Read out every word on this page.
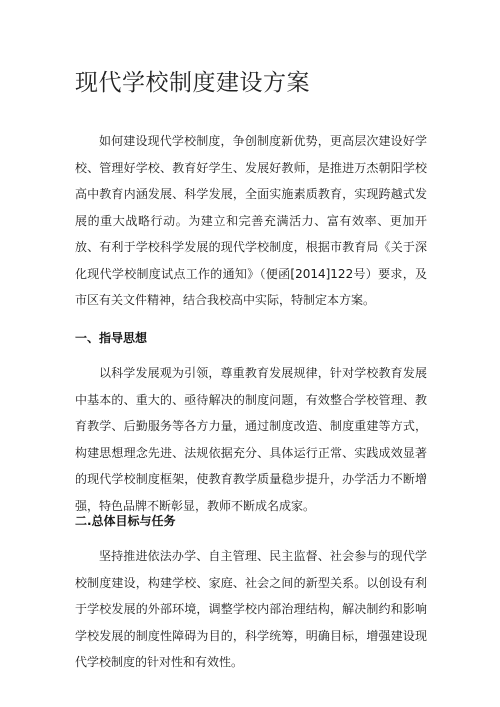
现代学校制度建设方案

如何建设现代学校制度，争创制度新优势，更高层次建设好学校、管理好学校、教育好学生、发展好教师，是推进万杰朝阳学校高中教育内涵发展、科学发展，全面实施素质教育，实现跨越式发展的重大战略行动。为建立和完善充满活力、富有效率、更加开放、有利于学校科学发展的现代学校制度，根据市教育局《关于深化现代学校制度试点工作的通知》（便函[2014]122号）要求，及市区有关文件精神，结合我校高中实际，特制定本方案。

一、指导思想

以科学发展观为引领，尊重教育发展规律，针对学校教育发展中基本的、重大的、亟待解决的制度问题，有效整合学校管理、教育教学、后勤服务等各方力量，通过制度改造、制度重建等方式，构建思想理念先进、法规依据充分、具体运行正常、实践成效显著的现代学校制度框架，使教育教学质量稳步提升，办学活力不断增强，特色品牌不断彰显，教师不断成名成家。

二.总体目标与任务

坚持推进依法办学、自主管理、民主监督、社会参与的现代学校制度建设，构建学校、家庭、社会之间的新型关系。以创设有利于学校发展的外部环境，调整学校内部治理结构，解决制约和影响学校发展的制度性障碍为目的，科学统筹，明确目标，增强建设现代学校制度的针对性和有效性。
